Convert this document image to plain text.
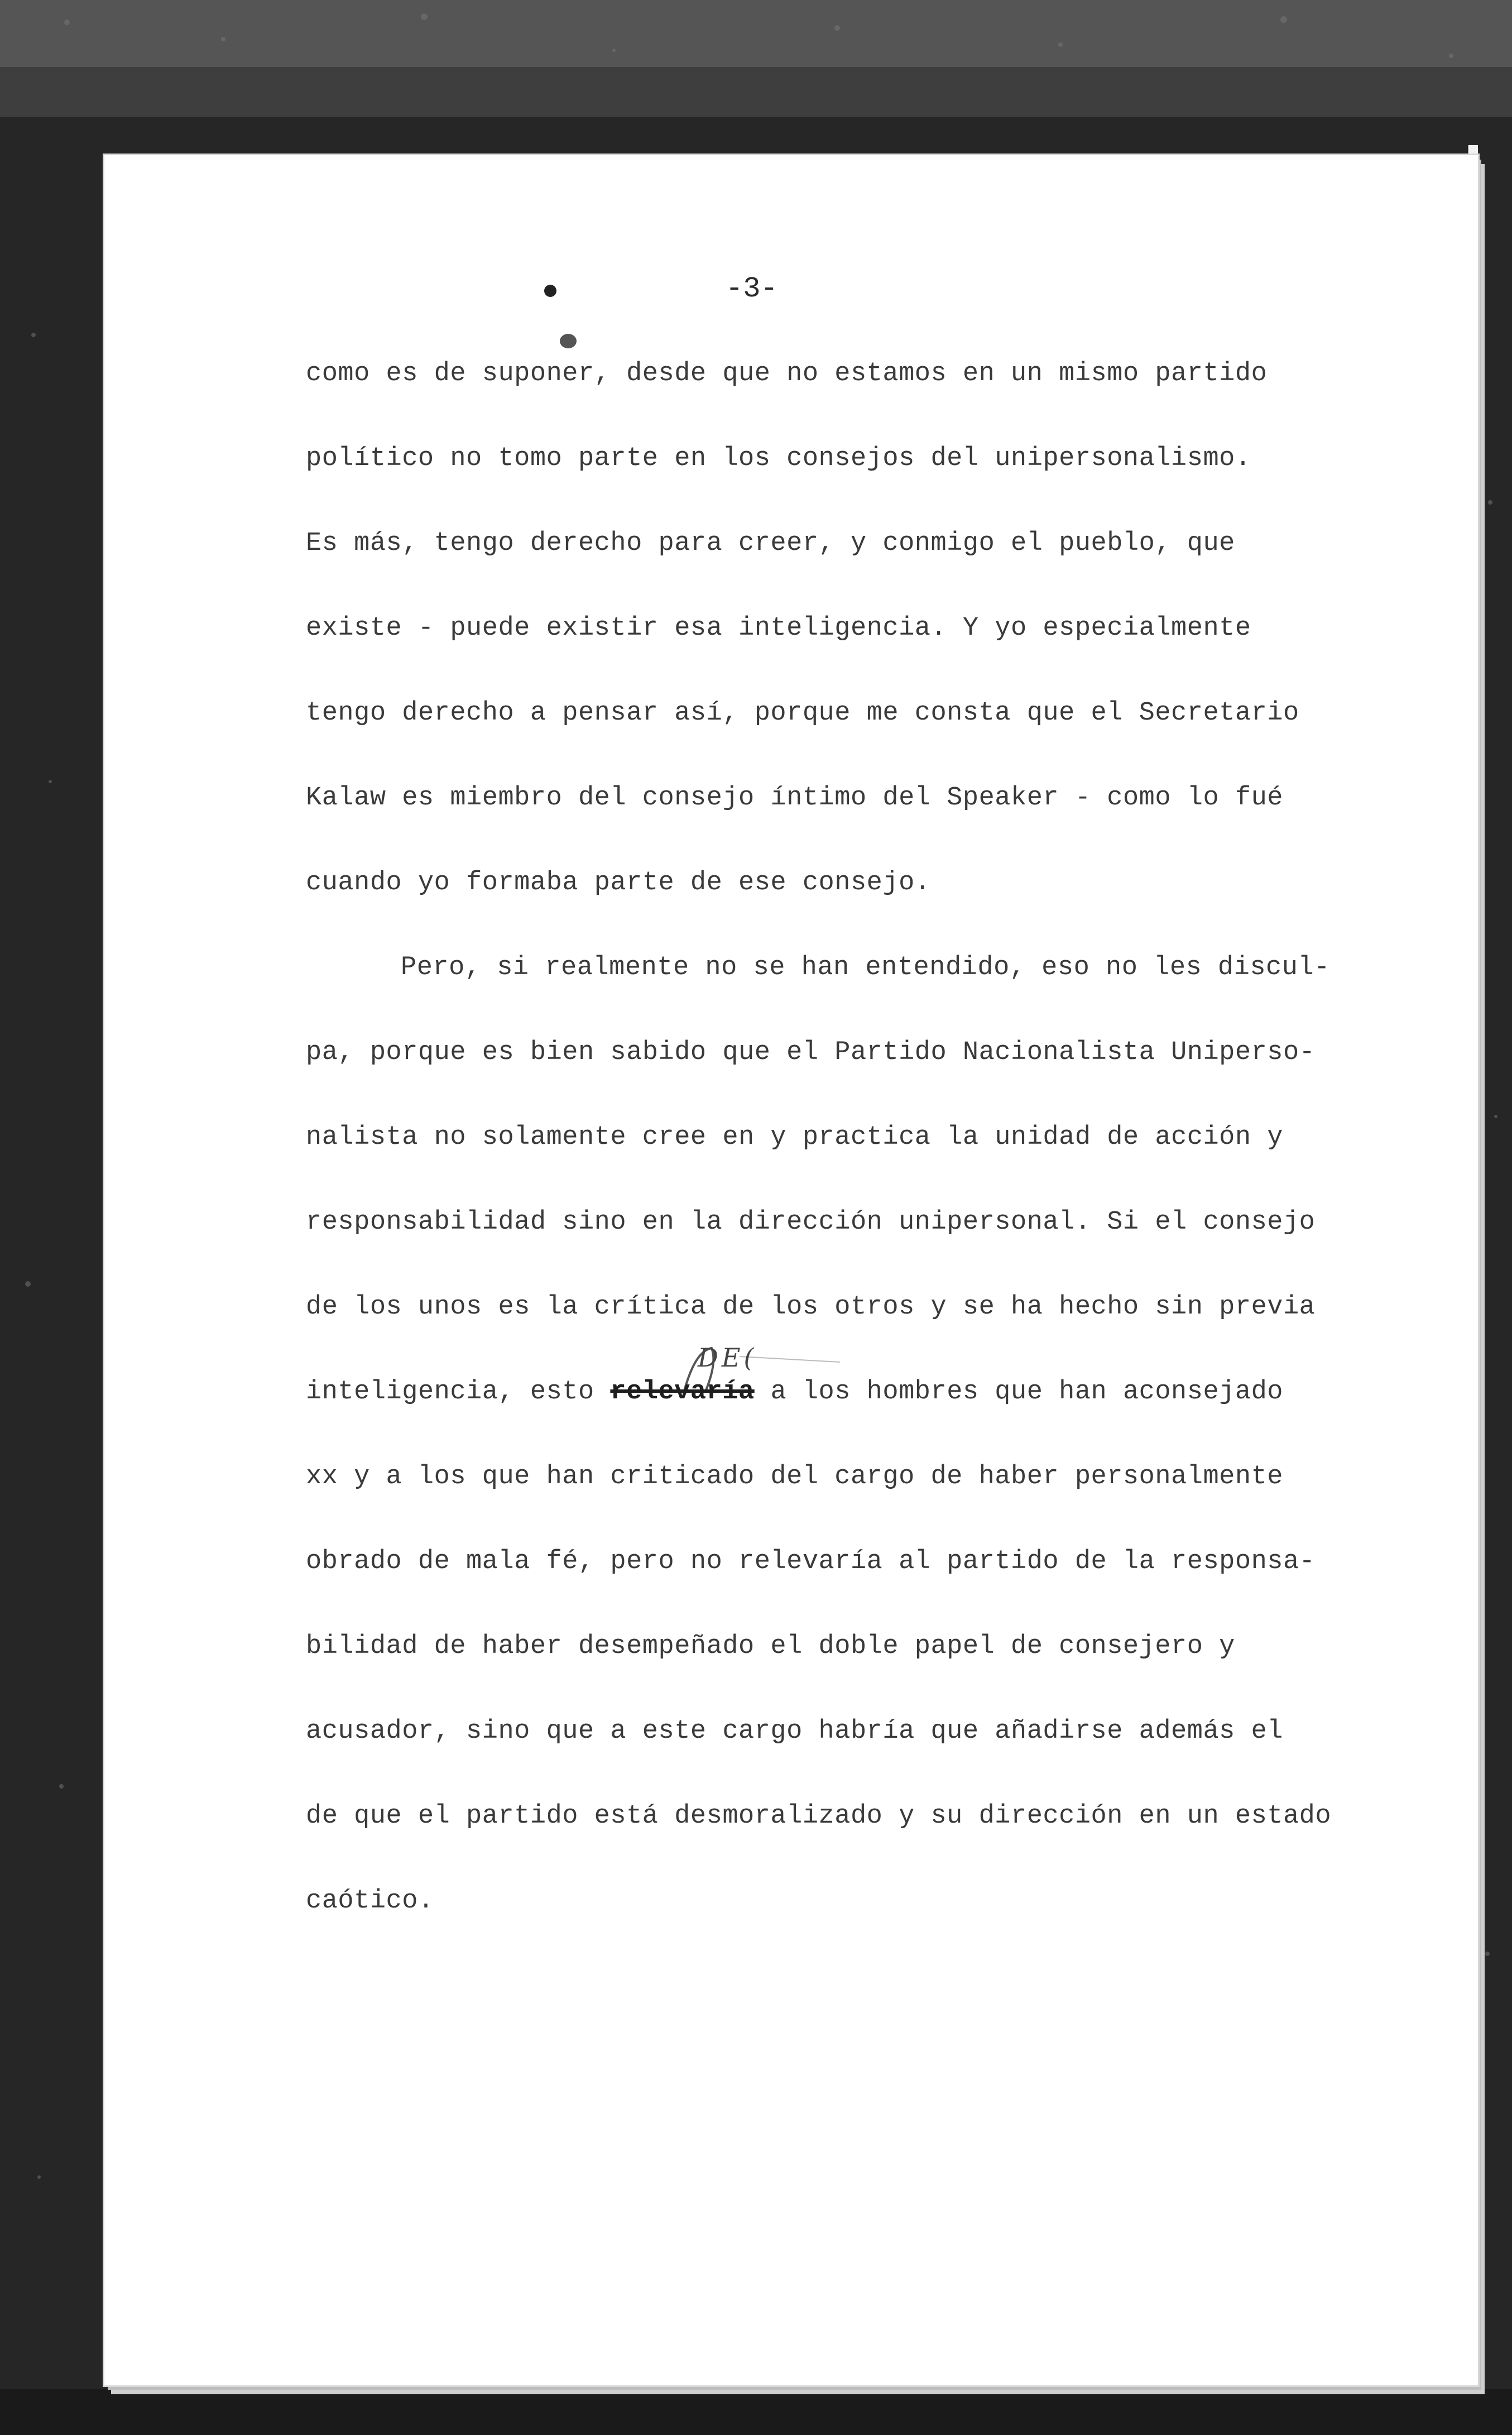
-3-
DE(
como es de suponer, desde que no estamos en un mismo partido
político no tomo parte en los consejos del unipersonalismo.
Es más, tengo derecho para creer, y conmigo el pueblo, que
existe - puede existir esa inteligencia. Y yo especialmente
tengo derecho a pensar así, porque me consta que el Secretario
Kalaw es miembro del consejo íntimo del Speaker - como lo fué
cuando yo formaba parte de ese consejo.
Pero, si realmente no se han entendido, eso no les discul-
pa, porque es bien sabido que el Partido Nacionalista Uniperso-
nalista no solamente cree en y practica la unidad de acción y
responsabilidad sino en la dirección unipersonal. Si el consejo
de los unos es la crítica de los otros y se ha hecho sin previa
inteligencia, esto relevaría a los hombres que han aconsejado
xx y a los que han criticado del cargo de haber personalmente
obrado de mala fé, pero no relevaría al partido de la responsa-
bilidad de haber desempeñado el doble papel de consejero y
acusador, sino que a este cargo habría que añadirse además el
de que el partido está desmoralizado y su dirección en un estado
caótico.
